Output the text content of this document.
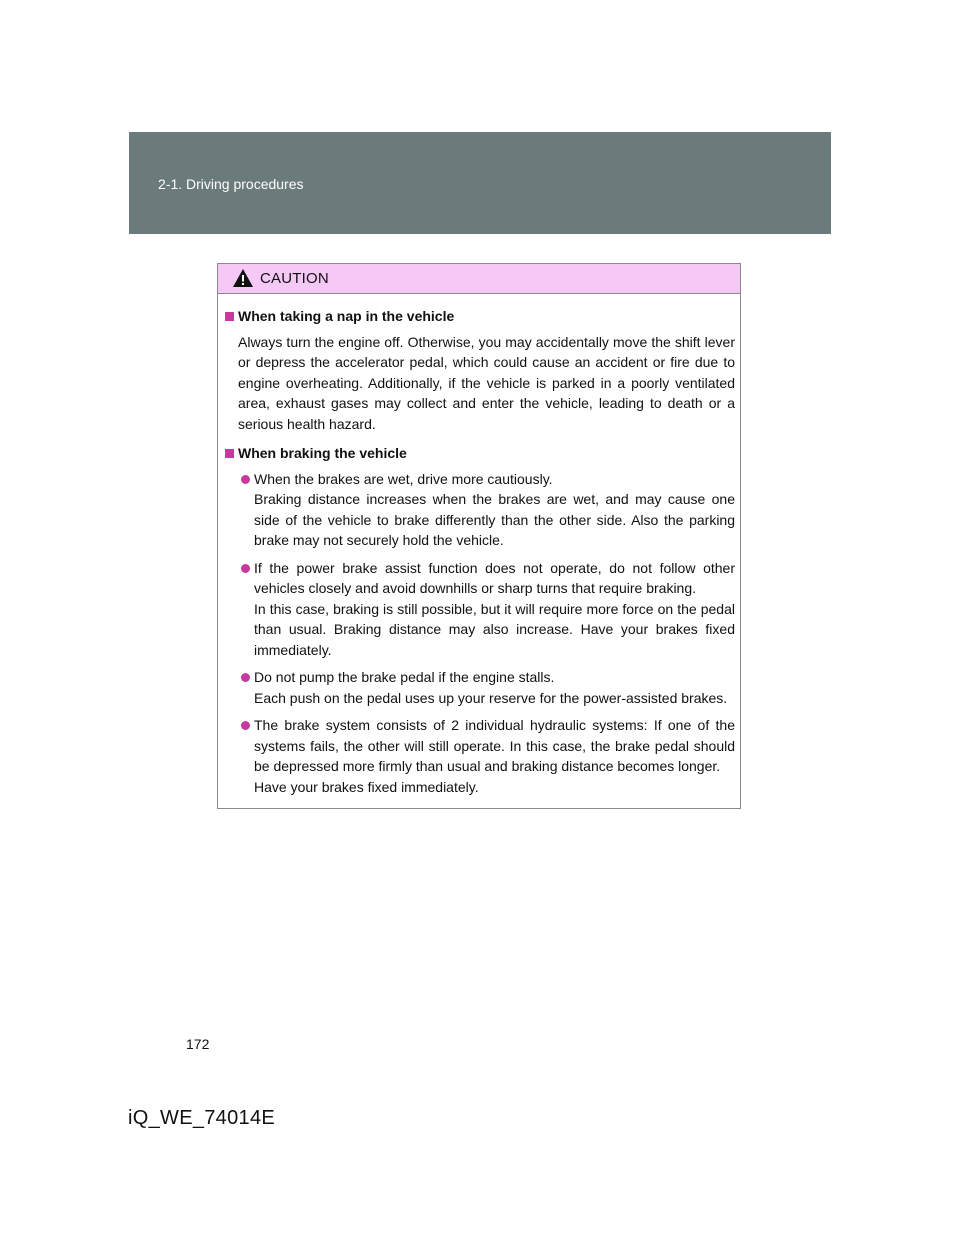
2-1. Driving procedures
CAUTION
When taking a nap in the vehicle
Always turn the engine off. Otherwise, you may accidentally move the shift lever or depress the accelerator pedal, which could cause an accident or fire due to engine overheating. Additionally, if the vehicle is parked in a poorly ventilated area, exhaust gases may collect and enter the vehicle, leading to death or a serious health hazard.
When braking the vehicle
When the brakes are wet, drive more cautiously.
Braking distance increases when the brakes are wet, and may cause one side of the vehicle to brake differently than the other side. Also the parking brake may not securely hold the vehicle.
If the power brake assist function does not operate, do not follow other vehicles closely and avoid downhills or sharp turns that require braking.
In this case, braking is still possible, but it will require more force on the pedal than usual. Braking distance may also increase. Have your brakes fixed immediately.
Do not pump the brake pedal if the engine stalls.
Each push on the pedal uses up your reserve for the power-assisted brakes.
The brake system consists of 2 individual hydraulic systems: If one of the systems fails, the other will still operate. In this case, the brake pedal should be depressed more firmly than usual and braking distance becomes longer.
Have your brakes fixed immediately.
172
iQ_WE_74014E
